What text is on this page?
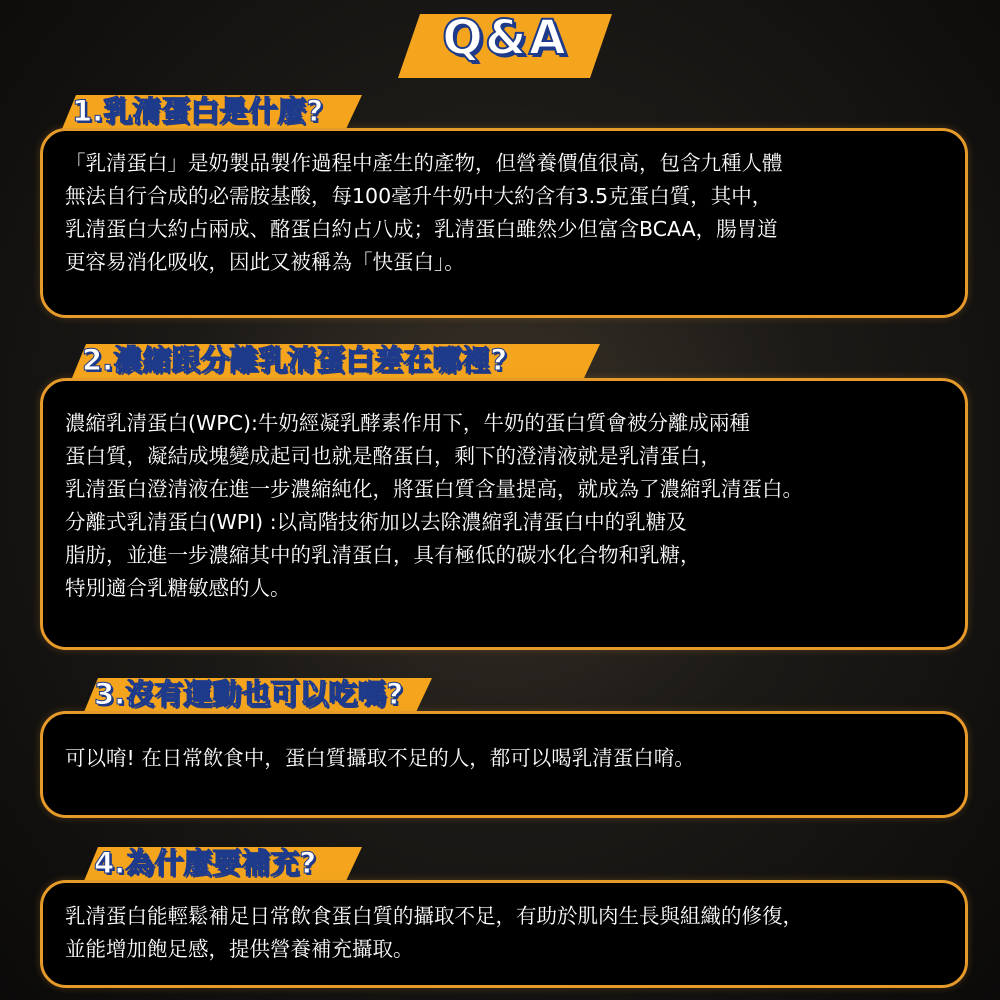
Q&A
1.乳清蛋白是什麼?
「乳清蛋白」是奶製品製作過程中產生的產物，但營養價值很高，包含九種人體
無法自行合成的必需胺基酸，每100毫升牛奶中大約含有3.5克蛋白質，其中，
乳清蛋白大約占兩成、酪蛋白約占八成；乳清蛋白雖然少但富含BCAA，腸胃道
更容易消化吸收，因此又被稱為「快蛋白」。
2.濃縮跟分離乳清蛋白差在哪裡?
濃縮乳清蛋白(WPC):牛奶經凝乳酵素作用下，牛奶的蛋白質會被分離成兩種
蛋白質，凝結成塊變成起司也就是酪蛋白，剩下的澄清液就是乳清蛋白，
乳清蛋白澄清液在進一步濃縮純化，將蛋白質含量提高，就成為了濃縮乳清蛋白。
分離式乳清蛋白(WPI) :以高階技術加以去除濃縮乳清蛋白中的乳糖及
脂肪，並進一步濃縮其中的乳清蛋白，具有極低的碳水化合物和乳糖，
特別適合乳糖敏感的人。
3.沒有運動也可以吃嗎?
可以唷! 在日常飲食中，蛋白質攝取不足的人，都可以喝乳清蛋白唷。
4.為什麼要補充?
乳清蛋白能輕鬆補足日常飲食蛋白質的攝取不足，有助於肌肉生長與組織的修復，
並能增加飽足感，提供營養補充攝取。
